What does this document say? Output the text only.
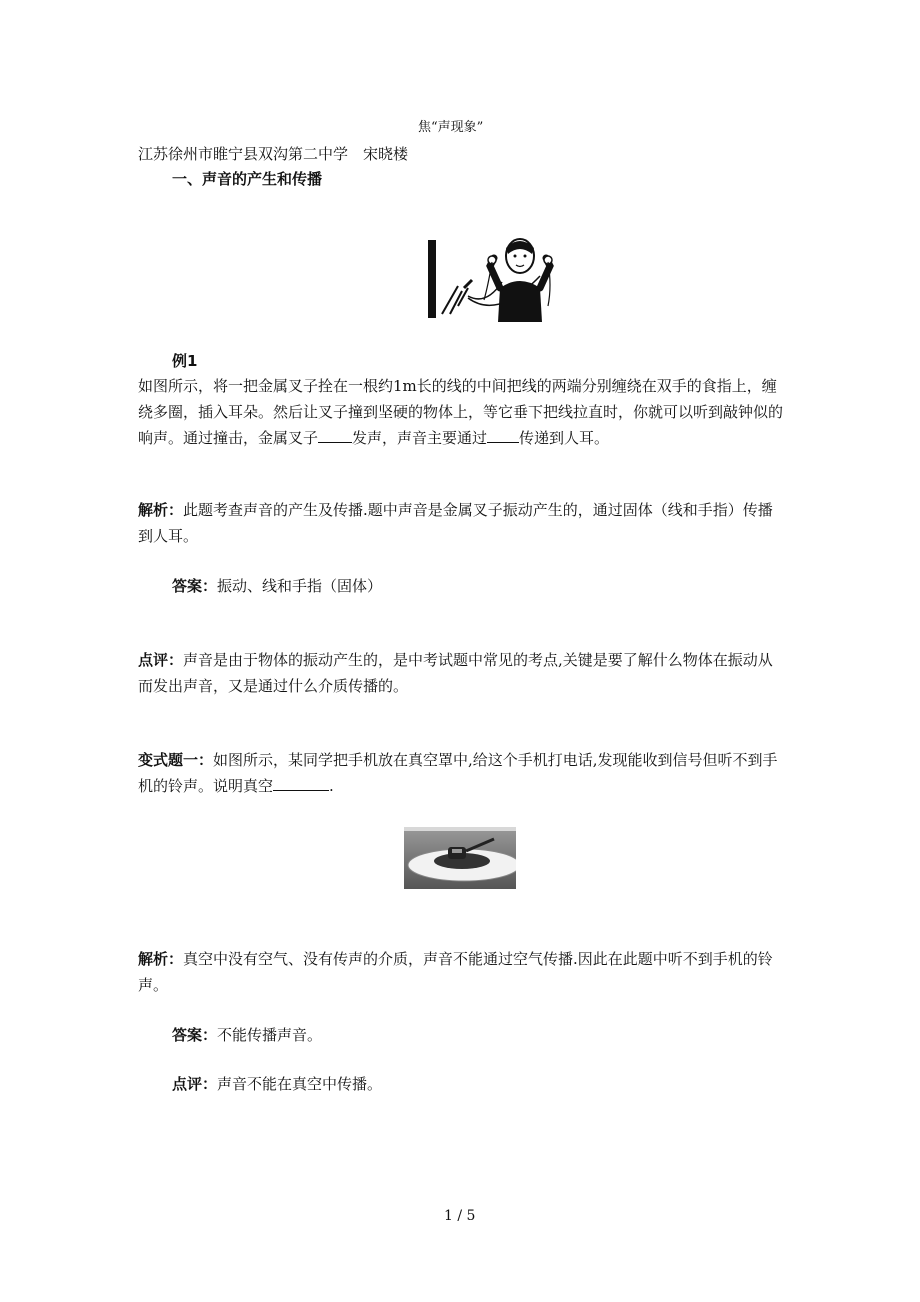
焦“声现象”
江苏徐州市睢宁县双沟第二中学　宋晓楼
一、声音的产生和传播
例1
如图所示，将一把金属叉子拴在一根约1m长的线的中间把线的两端分别缠绕在双手的食指上，缠绕多圈，插入耳朵。然后让叉子撞到坚硬的物体上，等它垂下把线拉直时，你就可以听到敲钟似的响声。通过撞击，金属叉子 发声，声音主要通过 传递到人耳。
解析：此题考查声音的产生及传播.题中声音是金属叉子振动产生的，通过固体（线和手指）传播到人耳。
答案：振动、线和手指（固体）
点评：声音是由于物体的振动产生的，是中考试题中常见的考点,关键是要了解什么物体在振动从而发出声音，又是通过什么介质传播的。
变式题一：如图所示，某同学把手机放在真空罩中,给这个手机打电话,发现能收到信号但听不到手机的铃声。说明真空	.
解析：真空中没有空气、没有传声的介质，声音不能通过空气传播.因此在此题中听不到手机的铃声。
答案：不能传播声音。
点评：声音不能在真空中传播。
1 / 5
